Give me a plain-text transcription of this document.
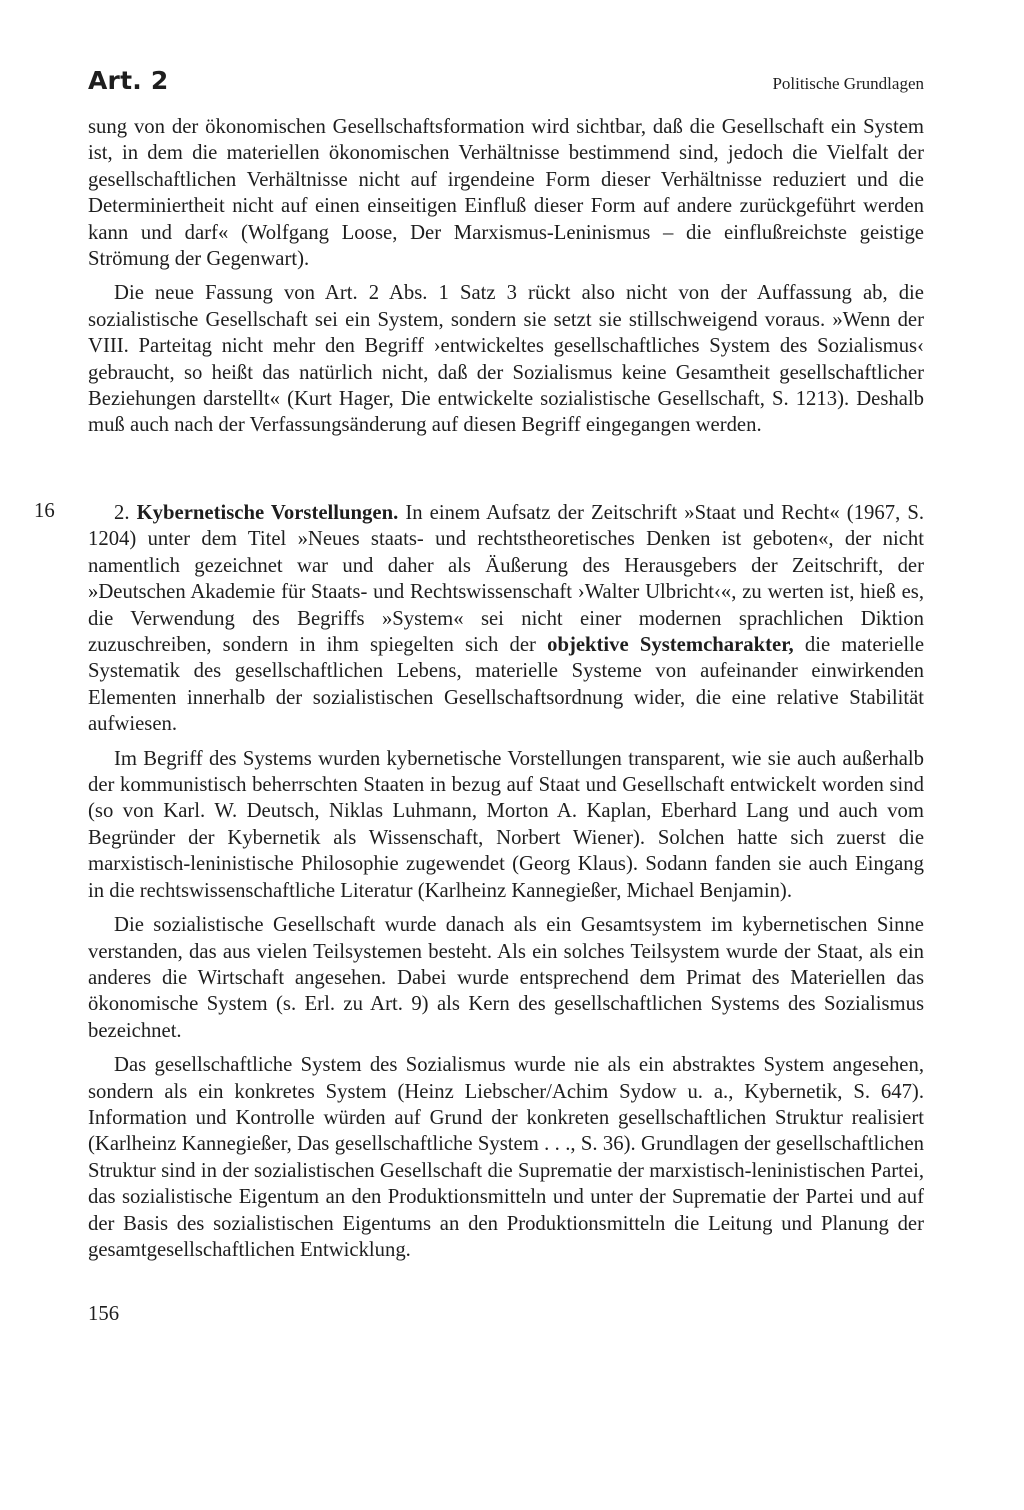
Art. 2	Politische Grundlagen

sung von der ökonomischen Gesellschaftsformation wird sichtbar, daß die Gesellschaft ein System ist, in dem die materiellen ökonomischen Verhältnisse bestimmend sind, jedoch die Vielfalt der gesellschaftlichen Verhältnisse nicht auf irgendeine Form dieser Verhältnisse reduziert und die Determiniertheit nicht auf einen einseitigen Einfluß dieser Form auf andere zurückgeführt werden kann und darf« (Wolfgang Loose, Der Marxismus-Leninismus – die einflußreichste geistige Strömung der Gegenwart).

Die neue Fassung von Art. 2 Abs. 1 Satz 3 rückt also nicht von der Auffassung ab, die sozialistische Gesellschaft sei ein System, sondern sie setzt sie stillschweigend voraus. »Wenn der VIII. Parteitag nicht mehr den Begriff ›entwickeltes gesellschaftliches System des Sozialismus‹ gebraucht, so heißt das natürlich nicht, daß der Sozialismus keine Gesamtheit gesellschaftlicher Beziehungen darstellt« (Kurt Hager, Die entwickelte sozialistische Gesellschaft, S. 1213). Deshalb muß auch nach der Verfassungsänderung auf diesen Begriff eingegangen werden.

16	2. Kybernetische Vorstellungen. In einem Aufsatz der Zeitschrift »Staat und Recht« (1967, S. 1204) unter dem Titel »Neues staats- und rechtstheoretisches Denken ist geboten«, der nicht namentlich gezeichnet war und daher als Äußerung des Herausgebers der Zeitschrift, der »Deutschen Akademie für Staats- und Rechtswissenschaft ›Walter Ulbricht‹«, zu werten ist, hieß es, die Verwendung des Begriffs »System« sei nicht einer modernen sprachlichen Diktion zuzuschreiben, sondern in ihm spiegelten sich der objektive Systemcharakter, die materielle Systematik des gesellschaftlichen Lebens, materielle Systeme von aufeinander einwirkenden Elementen innerhalb der sozialistischen Gesellschaftsordnung wider, die eine relative Stabilität aufwiesen.

Im Begriff des Systems wurden kybernetische Vorstellungen transparent, wie sie auch außerhalb der kommunistisch beherrschten Staaten in bezug auf Staat und Gesellschaft entwickelt worden sind (so von Karl. W. Deutsch, Niklas Luhmann, Morton A. Kaplan, Eberhard Lang und auch vom Begründer der Kybernetik als Wissenschaft, Norbert Wiener). Solchen hatte sich zuerst die marxistisch-leninistische Philosophie zugewendet (Georg Klaus). Sodann fanden sie auch Eingang in die rechtswissenschaftliche Literatur (Karlheinz Kannegießer, Michael Benjamin).

Die sozialistische Gesellschaft wurde danach als ein Gesamtsystem im kybernetischen Sinne verstanden, das aus vielen Teilsystemen besteht. Als ein solches Teilsystem wurde der Staat, als ein anderes die Wirtschaft angesehen. Dabei wurde entsprechend dem Primat des Materiellen das ökonomische System (s. Erl. zu Art. 9) als Kern des gesellschaftlichen Systems des Sozialismus bezeichnet.

Das gesellschaftliche System des Sozialismus wurde nie als ein abstraktes System angesehen, sondern als ein konkretes System (Heinz Liebscher/Achim Sydow u. a., Kybernetik, S. 647). Information und Kontrolle würden auf Grund der konkreten gesellschaftlichen Struktur realisiert (Karlheinz Kannegießer, Das gesellschaftliche System . . ., S. 36). Grundlagen der gesellschaftlichen Struktur sind in der sozialistischen Gesellschaft die Suprematie der marxistisch-leninistischen Partei, das sozialistische Eigentum an den Produktionsmitteln und unter der Suprematie der Partei und auf der Basis des sozialistischen Eigentums an den Produktionsmitteln die Leitung und Planung der gesamtgesellschaftlichen Entwicklung.

156
